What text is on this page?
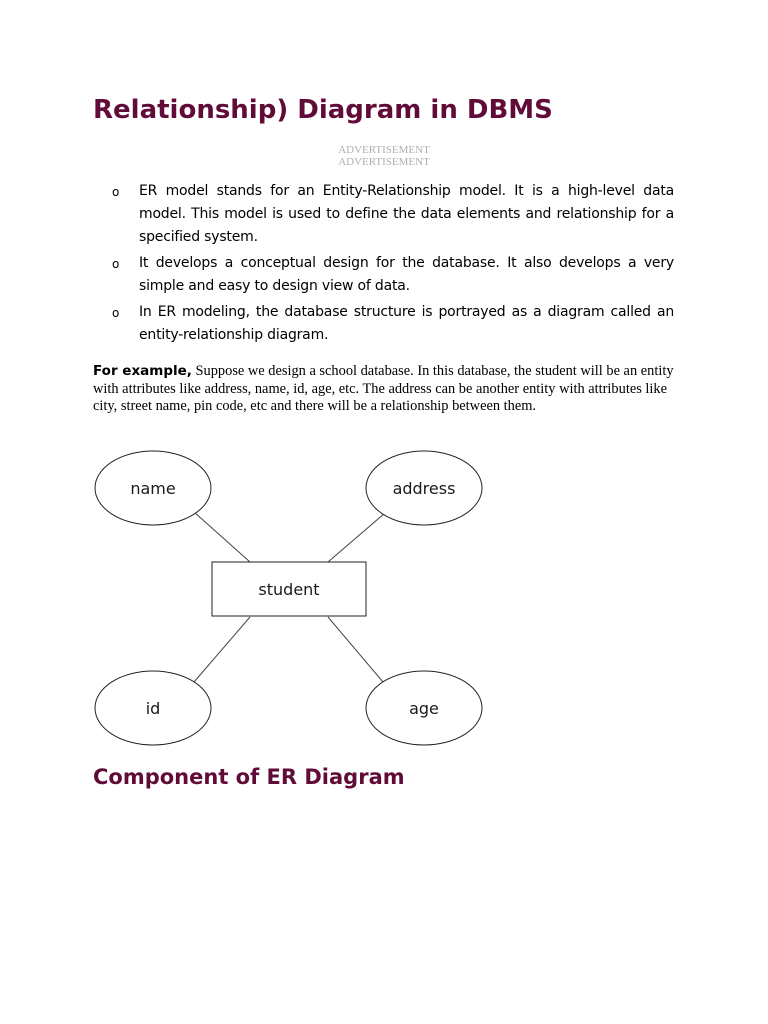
Relationship) Diagram in DBMS

ADVERTISEMENT

ADVERTISEMENT

o ER model stands for an Entity-Relationship model. It is a high-level data model. This model is used to define the data elements and relationship for a specified system.
o It develops a conceptual design for the database. It also develops a very simple and easy to design view of data.
o In ER modeling, the database structure is portrayed as a diagram called an entity-relationship diagram.

For example, Suppose we design a school database. In this database, the student will be an entity with attributes like address, name, id, age, etc. The address can be another entity with attributes like city, street name, pin code, etc and there will be a relationship between them.

name	address
student
id	age
Component of ER Diagram
